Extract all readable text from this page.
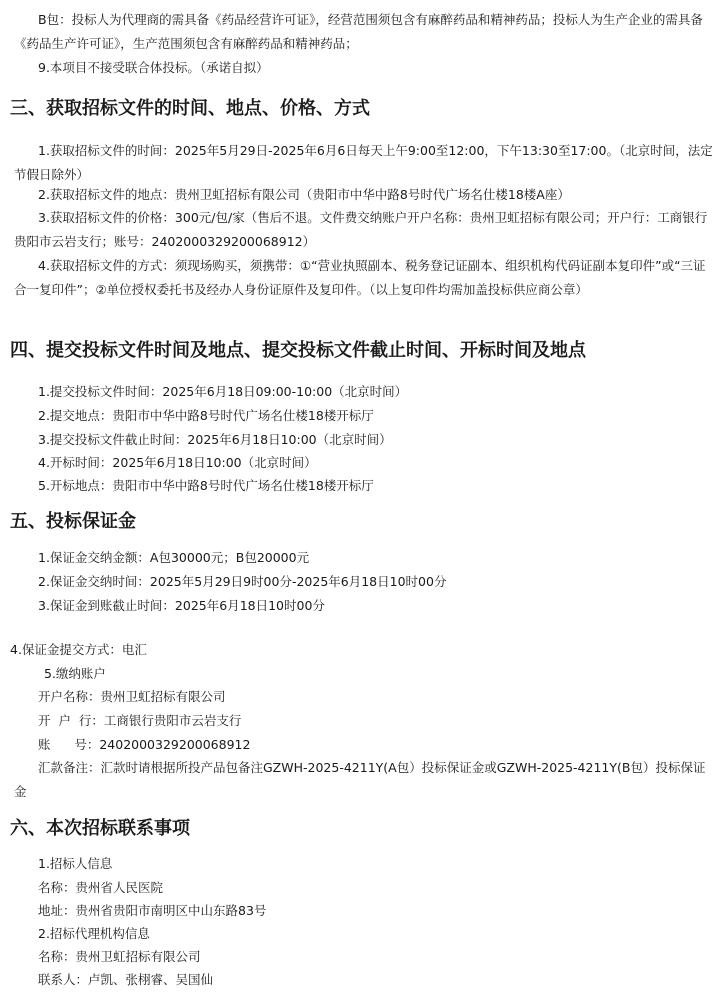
B包：投标人为代理商的需具备《药品经营许可证》，经营范围须包含有麻醉药品和精神药品；投标人为生产企业的需具备《药品生产许可证》，生产范围须包含有麻醉药品和精神药品；
9.本项目不接受联合体投标。（承诺自拟）
三、获取招标文件的时间、地点、价格、方式
1.获取招标文件的时间：2025年5月29日-2025年6月6日每天上午9:00至12:00，下午13:30至17:00。（北京时间，法定节假日除外）
2.获取招标文件的地点：贵州卫虹招标有限公司（贵阳市中华中路8号时代广场名仕楼18楼A座）
3.获取招标文件的价格：300元/包/家（售后不退。文件费交纳账户开户名称：贵州卫虹招标有限公司；开户行：工商银行贵阳市云岩支行；账号：2402000329200068912）
4.获取招标文件的方式：须现场购买，须携带：①“营业执照副本、税务登记证副本、组织机构代码证副本复印件”或“三证合一复印件”；②单位授权委托书及经办人身份证原件及复印件。（以上复印件均需加盖投标供应商公章）
四、提交投标文件时间及地点、提交投标文件截止时间、开标时间及地点
1.提交投标文件时间：2025年6月18日09:00-10:00（北京时间）
2.提交地点：贵阳市中华中路8号时代广场名仕楼18楼开标厅
3.提交投标文件截止时间：2025年6月18日10:00（北京时间）
4.开标时间：2025年6月18日10:00（北京时间）
5.开标地点：贵阳市中华中路8号时代广场名仕楼18楼开标厅
五、投标保证金
1.保证金交纳金额：A包30000元；B包20000元
2.保证金交纳时间：2025年5月29日9时00分-2025年6月18日10时00分
3.保证金到账截止时间：2025年6月18日10时00分
4.保证金提交方式：电汇
5.缴纳账户
开户名称：贵州卫虹招标有限公司
开  户  行：工商银行贵阳市云岩支行
账      号：2402000329200068912
汇款备注：汇款时请根据所投产品包备注GZWH-2025-4211Y(A包）投标保证金或GZWH-2025-4211Y(B包）投标保证金
六、本次招标联系事项
1.招标人信息
名称：贵州省人民医院
地址：贵州省贵阳市南明区中山东路83号
2.招标代理机构信息
名称：贵州卫虹招标有限公司
联系人：卢凯、张栩睿、吴国仙
